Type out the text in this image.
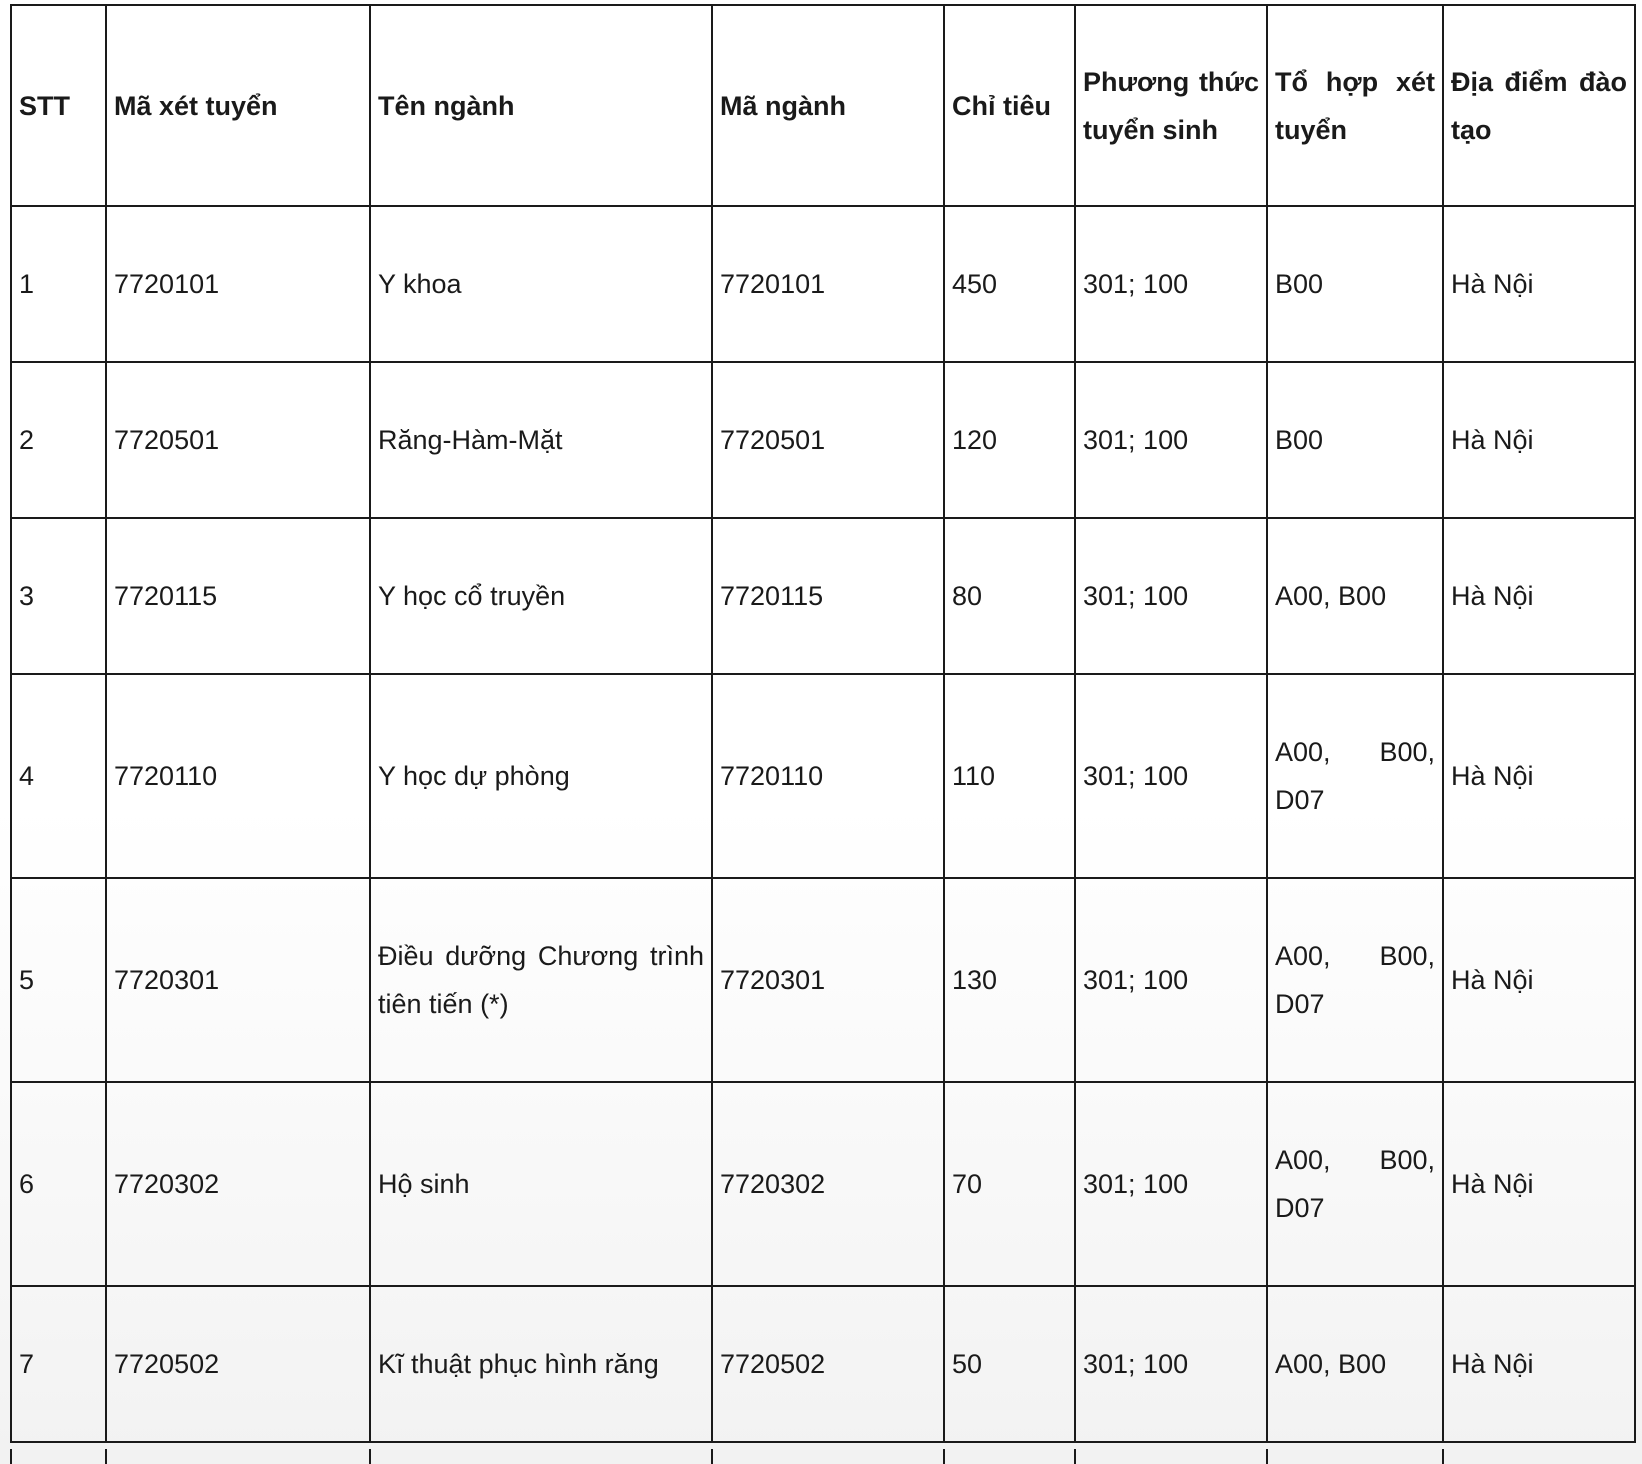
STT	Mã xét tuyển	Tên ngành	Mã ngành	Chỉ tiêu	Phương thức tuyển sinh	Tổ hợp xét tuyển	Địa điểm đào tạo
1	7720101	Y khoa	7720101	450	301; 100	B00	Hà Nội
2	7720501	Răng-Hàm-Mặt	7720501	120	301; 100	B00	Hà Nội
3	7720115	Y học cổ truyền	7720115	80	301; 100	A00, B00	Hà Nội
4	7720110	Y học dự phòng	7720110	110	301; 100	A00, B00, D07	Hà Nội
5	7720301	Điều dưỡng Chương trình tiên tiến (*)	7720301	130	301; 100	A00, B00, D07	Hà Nội
6	7720302	Hộ sinh	7720302	70	301; 100	A00, B00, D07	Hà Nội
7	7720502	Kĩ thuật phục hình răng	7720502	50	301; 100	A00, B00	Hà Nội
